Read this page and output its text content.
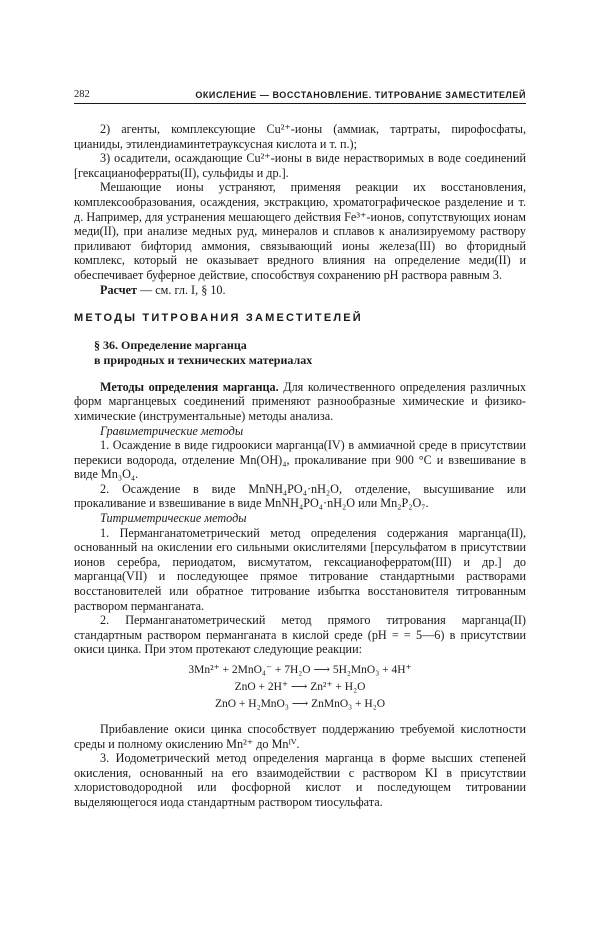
282	ОКИСЛЕНИЕ — ВОССТАНОВЛЕНИЕ. ТИТРОВАНИЕ ЗАМЕСТИТЕЛЕЙ

2) агенты, комплексующие Cu²⁺-ионы (аммиак, тартраты, пирофосфаты, цианиды, этилендиаминтетрауксусная кислота и т. п.);

3) осадители, осаждающие Cu²⁺-ионы в виде нерастворимых в воде соединений [гексацианоферраты(II), сульфиды и др.].

Мешающие ионы устраняют, применяя реакции их восстановления, комплексообразования, осаждения, экстракцию, хроматографическое разделение и т. д. Например, для устранения мешающего действия Fe³⁺-ионов, сопутствующих ионам меди(II), при анализе медных руд, минералов и сплавов к анализируемому раствору приливают бифторид аммония, связывающий ионы железа(III) во фторидный комплекс, который не оказывает вредного влияния на определение меди(II) и обеспечивает буферное действие, способствуя сохранению pH раствора равным 3.

Расчет — см. гл. I, § 10.

МЕТОДЫ ТИТРОВАНИЯ ЗАМЕСТИТЕЛЕЙ
§ 36. Определение марганца
в природных и технических материалах

Методы определения марганца. Для количественного определения различных форм марганцевых соединений применяют разнообразные химические и физико-химические (инструментальные) методы анализа.

Гравиметрические методы

1. Осаждение в виде гидроокиси марганца(IV) в аммиачной среде в присутствии перекиси водорода, отделение Mn(OH)₄, прокаливание при 900 °C и взвешивание в виде Mn₃O₄.

2. Осаждение в виде MnNH₄PO₄·nH₂O, отделение, высушивание или прокаливание и взвешивание в виде MnNH₄PO₄·nH₂O или Mn₂P₂O₇.

Титриметрические методы

1. Перманганатометрический метод определения содержания марганца(II), основанный на окислении его сильными окислителями [персульфатом в присутствии ионов серебра, периодатом, висмутатом, гексацианоферратом(III) и др.] до марганца(VII) и последующее прямое титрование стандартными растворами восстановителей или обратное титрование избытка восстановителя титрованным раствором перманганата.

2. Перманганатометрический метод прямого титрования марганца(II) стандартным раствором перманганата в кислой среде (pH = = 5—6) в присутствии окиси цинка. При этом протекают следующие реакции:

3Mn²⁺ + 2MnO₄⁻ + 7H₂O ⟶ 5H₂MnO₃ + 4H⁺
ZnO + 2H⁺ ⟶ Zn²⁺ + H₂O
ZnO + H₂MnO₃ ⟶ ZnMnO₃ + H₂O

Прибавление окиси цинка способствует поддержанию требуемой кислотности среды и полному окислению Mn²⁺ до Mnᴵⱽ.

3. Иодометрический метод определения марганца в форме высших степеней окисления, основанный на его взаимодействии с раствором KI в присутствии хлористоводородной или фосфорной кислот и последующем титровании выделяющегося иода стандартным раствором тиосульфата.
